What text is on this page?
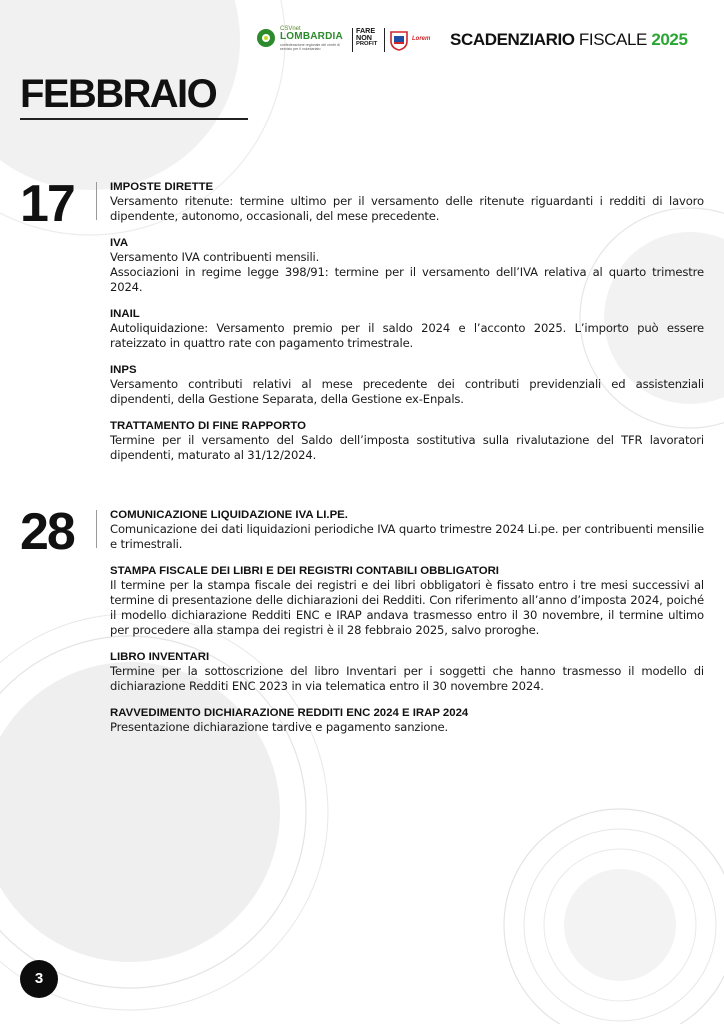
CSVnet
LOMBARDIA
confederazione regionale dei centri di servizio per il volontariato
FARE
NON
PROFIT
Lorem SCADENZIARIO FISCALE 2025
FEBBRAIO
17	IMPOSTE DIRETTE

Versamento ritenute: termine ultimo per il versamento delle ritenute riguardanti i redditi di lavoro dipendente, autonomo, occasionali, del mese precedente.

IVA

Versamento IVA contribuenti mensili.

Associazioni in regime legge 398/91: termine per il versamento dell’IVA relativa al quarto trimestre 2024.

INAIL

Autoliquidazione: Versamento premio per il saldo 2024 e l’acconto 2025. L’importo può essere rateizzato in quattro rate con pagamento trimestrale.

INPS

Versamento contributi relativi al mese precedente dei contributi previdenziali ed assistenziali dipendenti, della Gestione Separata, della Gestione ex-Enpals.

TRATTAMENTO DI FINE RAPPORTO

Termine per il versamento del Saldo dell’imposta sostitutiva sulla rivalutazione del TFR lavoratori dipendenti, maturato al 31/12/2024.

28	COMUNICAZIONE LIQUIDAZIONE IVA LI.PE.

Comunicazione dei dati liquidazioni periodiche IVA quarto trimestre 2024 Li.pe. per contribuenti mensilie e trimestrali.

STAMPA FISCALE DEI LIBRI E DEI REGISTRI CONTABILI OBBLIGATORI

Il termine per la stampa fiscale dei registri e dei libri obbligatori è fissato entro i tre mesi successivi al termine di presentazione delle dichiarazioni dei Redditi. Con riferimento all’anno d’imposta 2024, poiché il modello dichiarazione Redditi ENC e IRAP andava trasmesso entro il 30 novembre, il termine ultimo per procedere alla stampa dei registri è il 28 febbraio 2025, salvo proroghe.

LIBRO INVENTARI

Termine per la sottoscrizione del libro Inventari per i soggetti che hanno trasmesso il modello di dichiarazione Redditi ENC 2023 in via telematica entro il 30 novembre 2024.

RAVVEDIMENTO DICHIARAZIONE REDDITI ENC 2024 E IRAP 2024

Presentazione dichiarazione tardive e pagamento sanzione.

3
